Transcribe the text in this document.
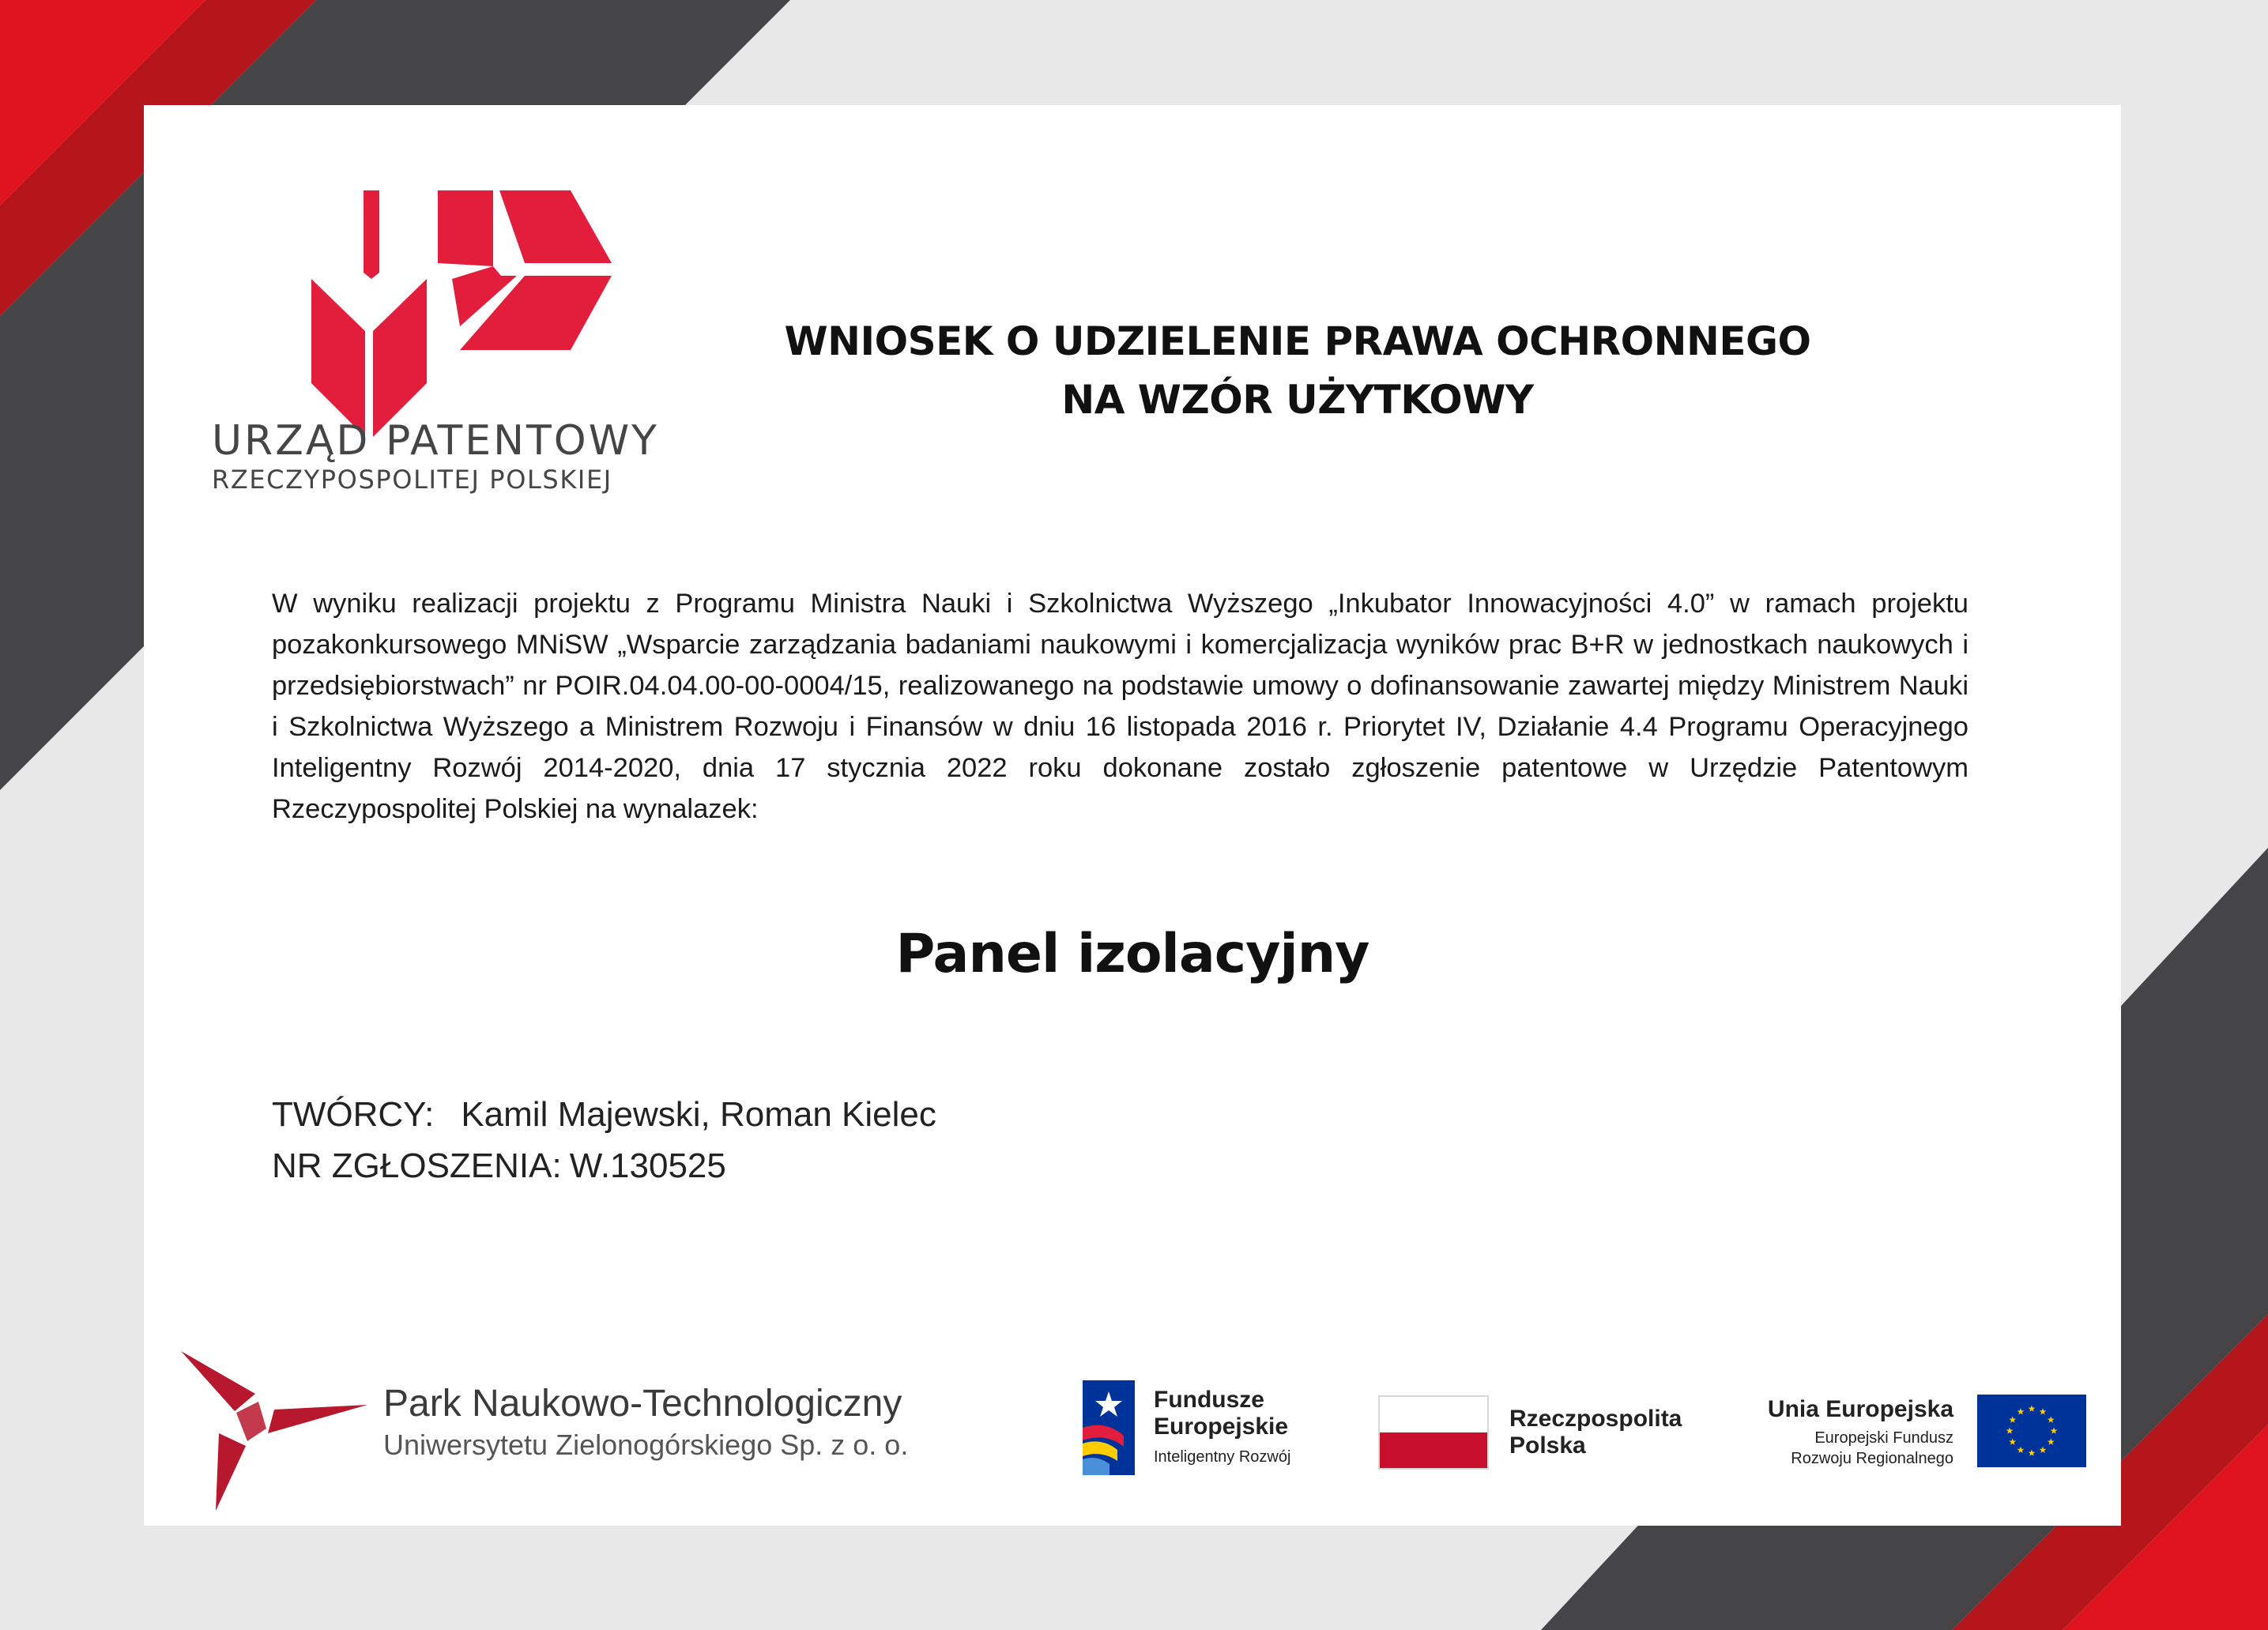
URZĄD PATENTOWY
RZECZYPOSPOLITEJ POLSKIEJ
WNIOSEK O UDZIELENIE PRAWA OCHRONNEGO
NA WZÓR UŻYTKOWY

W wyniku realizacji projektu z Programu Ministra Nauki i Szkolnictwa Wyższego „Inkubator Innowacyjności 4.0” w ramach projektu pozakonkursowego MNiSW „Wsparcie zarządzania badaniami naukowymi i komercjalizacja wyników prac B+R w jednostkach naukowych i przedsiębiorstwach” nr POIR.04.04.00-00-0004/15, realizowanego na podstawie umowy o dofinansowanie zawartej między Ministrem Nauki i Szkolnictwa Wyższego a Ministrem Rozwoju i Finansów w dniu 16 listopada 2016 r. Priorytet IV, Działanie 4.4 Programu Operacyjnego Inteligentny Rozwój 2014-2020, dnia 17 stycznia 2022 roku dokonane zostało zgłoszenie patentowe w Urzędzie Patentowym Rzeczypospolitej Polskiej na wynalazek:

Panel izolacyjny
TWÓRCY: Kamil Majewski, Roman Kielec
NR ZGŁOSZENIA: W.130525
Park Naukowo-Technologiczny
Uniwersytetu Zielonogórskiego Sp. z o. o.
Fundusze
Europejskie
Inteligentny Rozwój
Rzeczpospolita
Polska
Unia Europejska
Europejski Fundusz
Rozwoju Regionalnego
